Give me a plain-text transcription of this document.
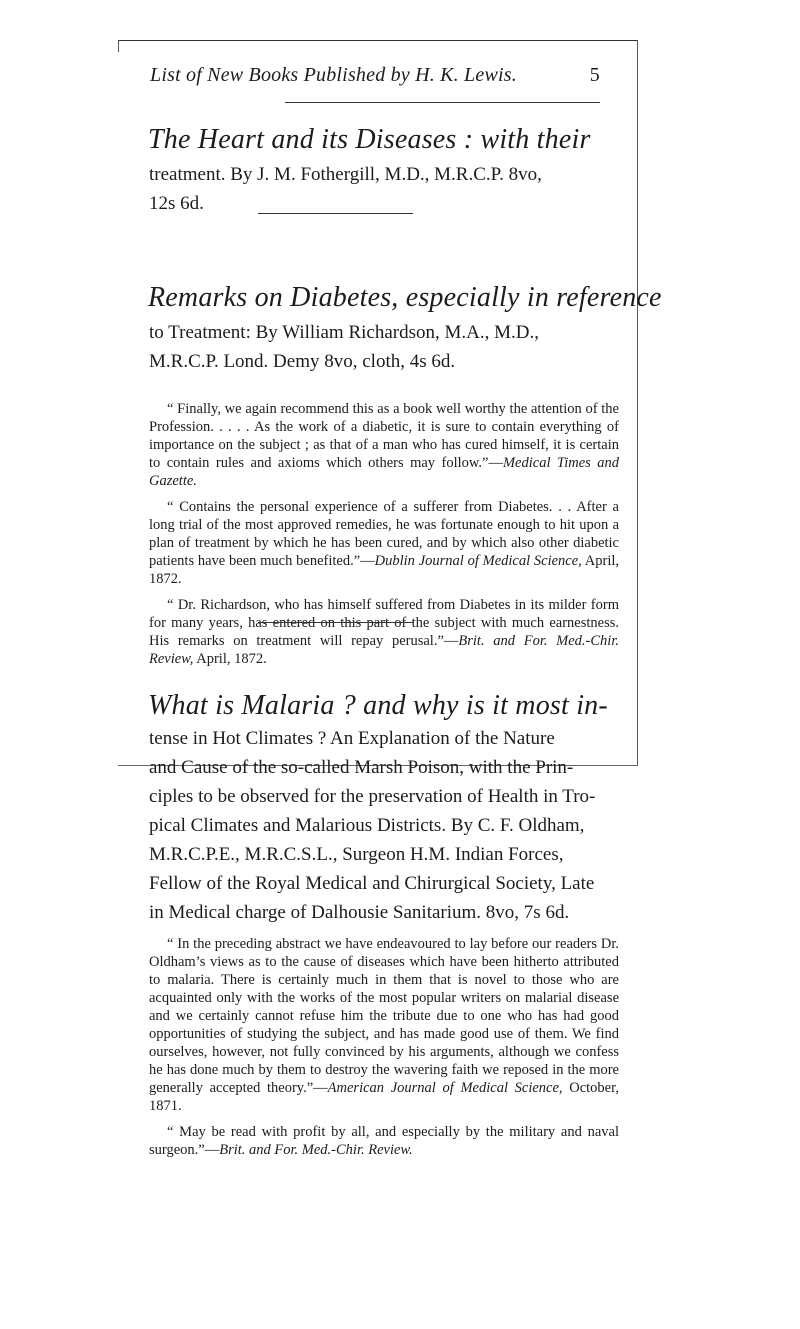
List of New Books Published by H. K. Lewis.	5
The Heart and its Diseases : with their
treatment. By J. M. Fothergill, M.D., M.R.C.P. 8vo,
12s 6d.
Remarks on Diabetes, especially in reference
to Treatment: By William Richardson, M.A., M.D.,
M.R.C.P. Lond. Demy 8vo, cloth, 4s 6d.

“ Finally, we again recommend this as a book well worthy the attention of the Profession. . . . . As the work of a diabetic, it is sure to contain everything of importance on the subject ; as that of a man who has cured himself, it is certain to contain rules and axioms which others may follow.”—Medical Times and Gazette.

“ Contains the personal experience of a sufferer from Diabetes. . . After a long trial of the most approved remedies, he was fortunate enough to hit upon a plan of treatment by which he has been cured, and by which also other diabetic patients have been much benefited.”—Dublin Journal of Medical Science, April, 1872.

“ Dr. Richardson, who has himself suffered from Diabetes in its milder form for many years, has entered on this part of the subject with much earnestness. His remarks on treatment will repay perusal.”—Brit. and For. Med.-Chir. Review, April, 1872.

What is Malaria ? and why is it most in-
tense in Hot Climates ? An Explanation of the Nature
and Cause of the so-called Marsh Poison, with the Prin-
ciples to be observed for the preservation of Health in Tro-
pical Climates and Malarious Districts. By C. F. Oldham,
M.R.C.P.E., M.R.C.S.L., Surgeon H.M. Indian Forces,
Fellow of the Royal Medical and Chirurgical Society, Late
in Medical charge of Dalhousie Sanitarium. 8vo, 7s 6d.

“ In the preceding abstract we have endeavoured to lay before our readers Dr. Oldham’s views as to the cause of diseases which have been hitherto attributed to malaria. There is certainly much in them that is novel to those who are acquainted only with the works of the most popular writers on malarial disease and we certainly cannot refuse him the tribute due to one who has had good opportunities of studying the subject, and has made good use of them. We find ourselves, however, not fully convinced by his arguments, although we confess he has done much by them to destroy the wavering faith we reposed in the more generally accepted theory.”—American Journal of Medical Science, October, 1871.

“ May be read with profit by all, and especially by the military and naval surgeon.”—Brit. and For. Med.-Chir. Review.
